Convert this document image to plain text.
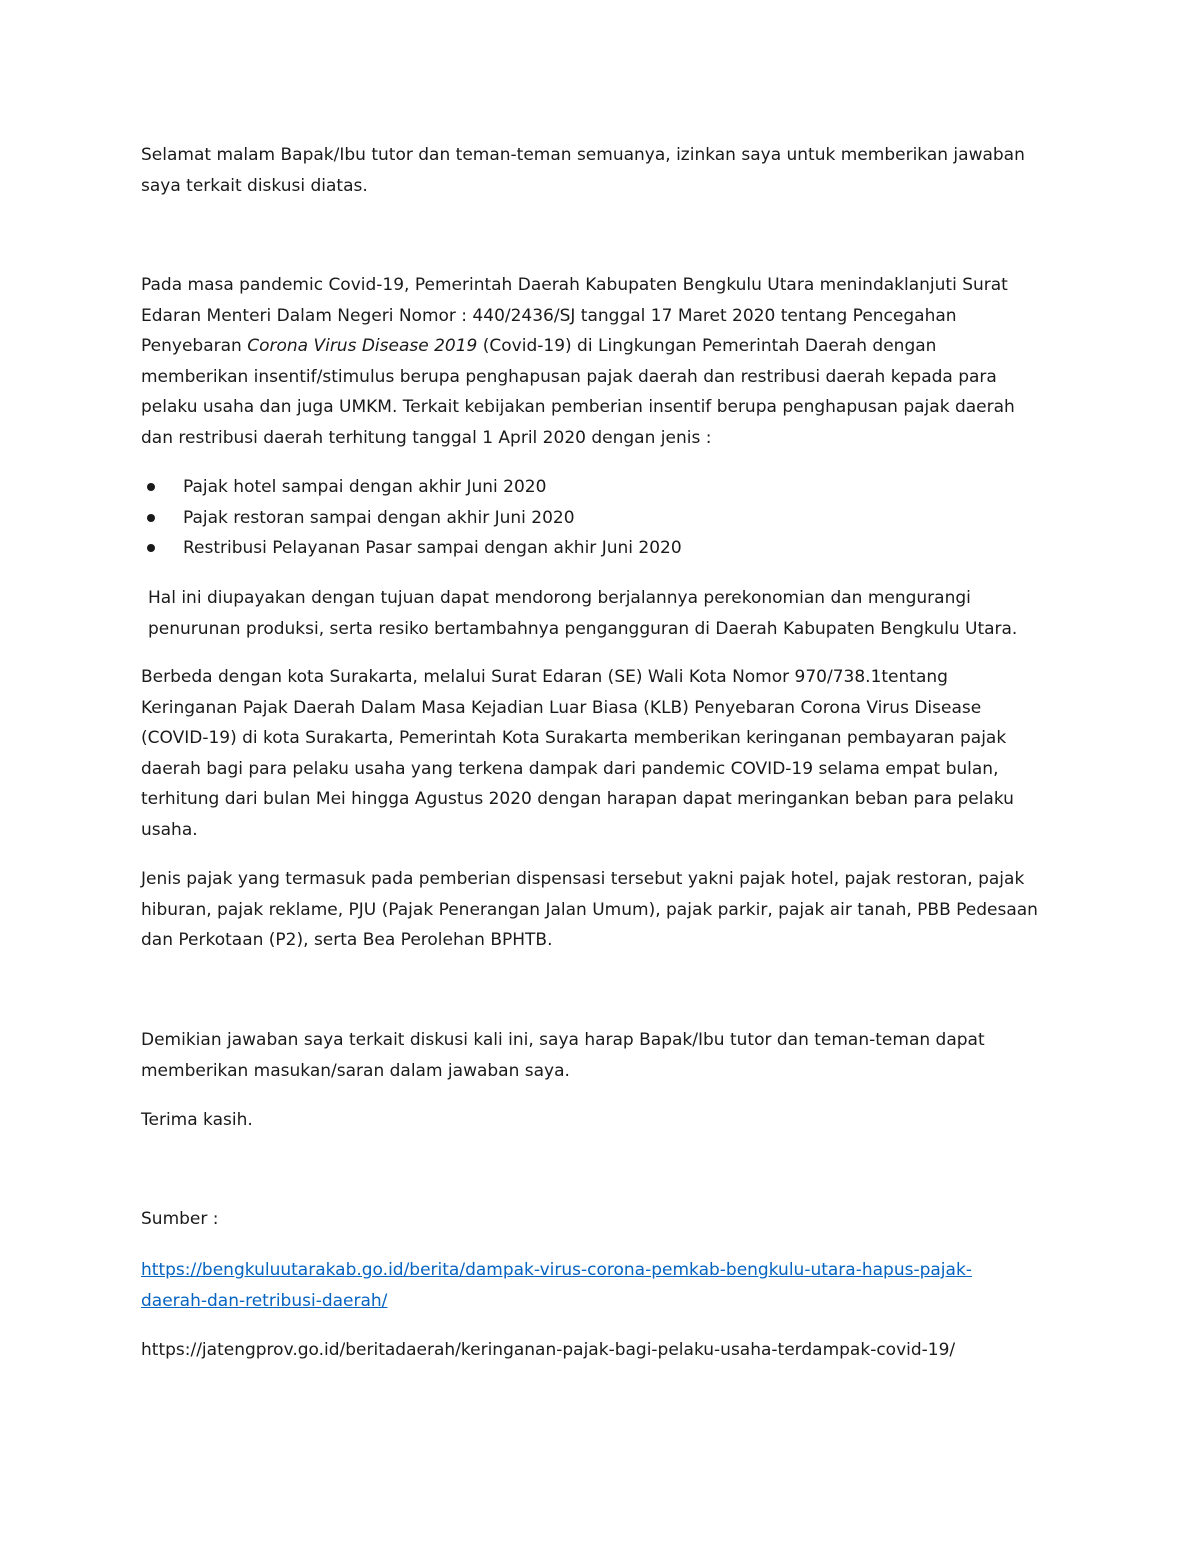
Selamat malam Bapak/Ibu tutor dan teman-teman semuanya, izinkan saya untuk memberikan jawaban
saya terkait diskusi diatas.
Pada masa pandemic Covid-19, Pemerintah Daerah Kabupaten Bengkulu Utara menindaklanjuti Surat
Edaran Menteri Dalam Negeri Nomor : 440/2436/SJ tanggal 17 Maret 2020 tentang Pencegahan
Penyebaran Corona Virus Disease 2019 (Covid-19) di Lingkungan Pemerintah Daerah dengan
memberikan insentif/stimulus berupa penghapusan pajak daerah dan restribusi daerah kepada para
pelaku usaha dan juga UMKM. Terkait kebijakan pemberian insentif berupa penghapusan pajak daerah
dan restribusi daerah terhitung tanggal 1 April 2020 dengan jenis :
Pajak hotel sampai dengan akhir Juni 2020
Pajak restoran sampai dengan akhir Juni 2020
Restribusi Pelayanan Pasar sampai dengan akhir Juni 2020
Hal ini diupayakan dengan tujuan dapat mendorong berjalannya perekonomian dan mengurangi
penurunan produksi, serta resiko bertambahnya pengangguran di Daerah Kabupaten Bengkulu Utara.
Berbeda dengan kota Surakarta, melalui Surat Edaran (SE) Wali Kota Nomor 970/738.1tentang
Keringanan Pajak Daerah Dalam Masa Kejadian Luar Biasa (KLB) Penyebaran Corona Virus Disease
(COVID-19) di kota Surakarta, Pemerintah Kota Surakarta memberikan keringanan pembayaran pajak
daerah bagi para pelaku usaha yang terkena dampak dari pandemic COVID-19 selama empat bulan,
terhitung dari bulan Mei hingga Agustus 2020 dengan harapan dapat meringankan beban para pelaku
usaha.
Jenis pajak yang termasuk pada pemberian dispensasi tersebut yakni pajak hotel, pajak restoran, pajak
hiburan, pajak reklame, PJU (Pajak Penerangan Jalan Umum), pajak parkir, pajak air tanah, PBB Pedesaan
dan Perkotaan (P2), serta Bea Perolehan BPHTB.
Demikian jawaban saya terkait diskusi kali ini, saya harap Bapak/Ibu tutor dan teman-teman dapat
memberikan masukan/saran dalam jawaban saya.
Terima kasih.
Sumber :
https://bengkuluutarakab.go.id/berita/dampak-virus-corona-pemkab-bengkulu-utara-hapus-pajak-
daerah-dan-retribusi-daerah/
https://jatengprov.go.id/beritadaerah/keringanan-pajak-bagi-pelaku-usaha-terdampak-covid-19/
